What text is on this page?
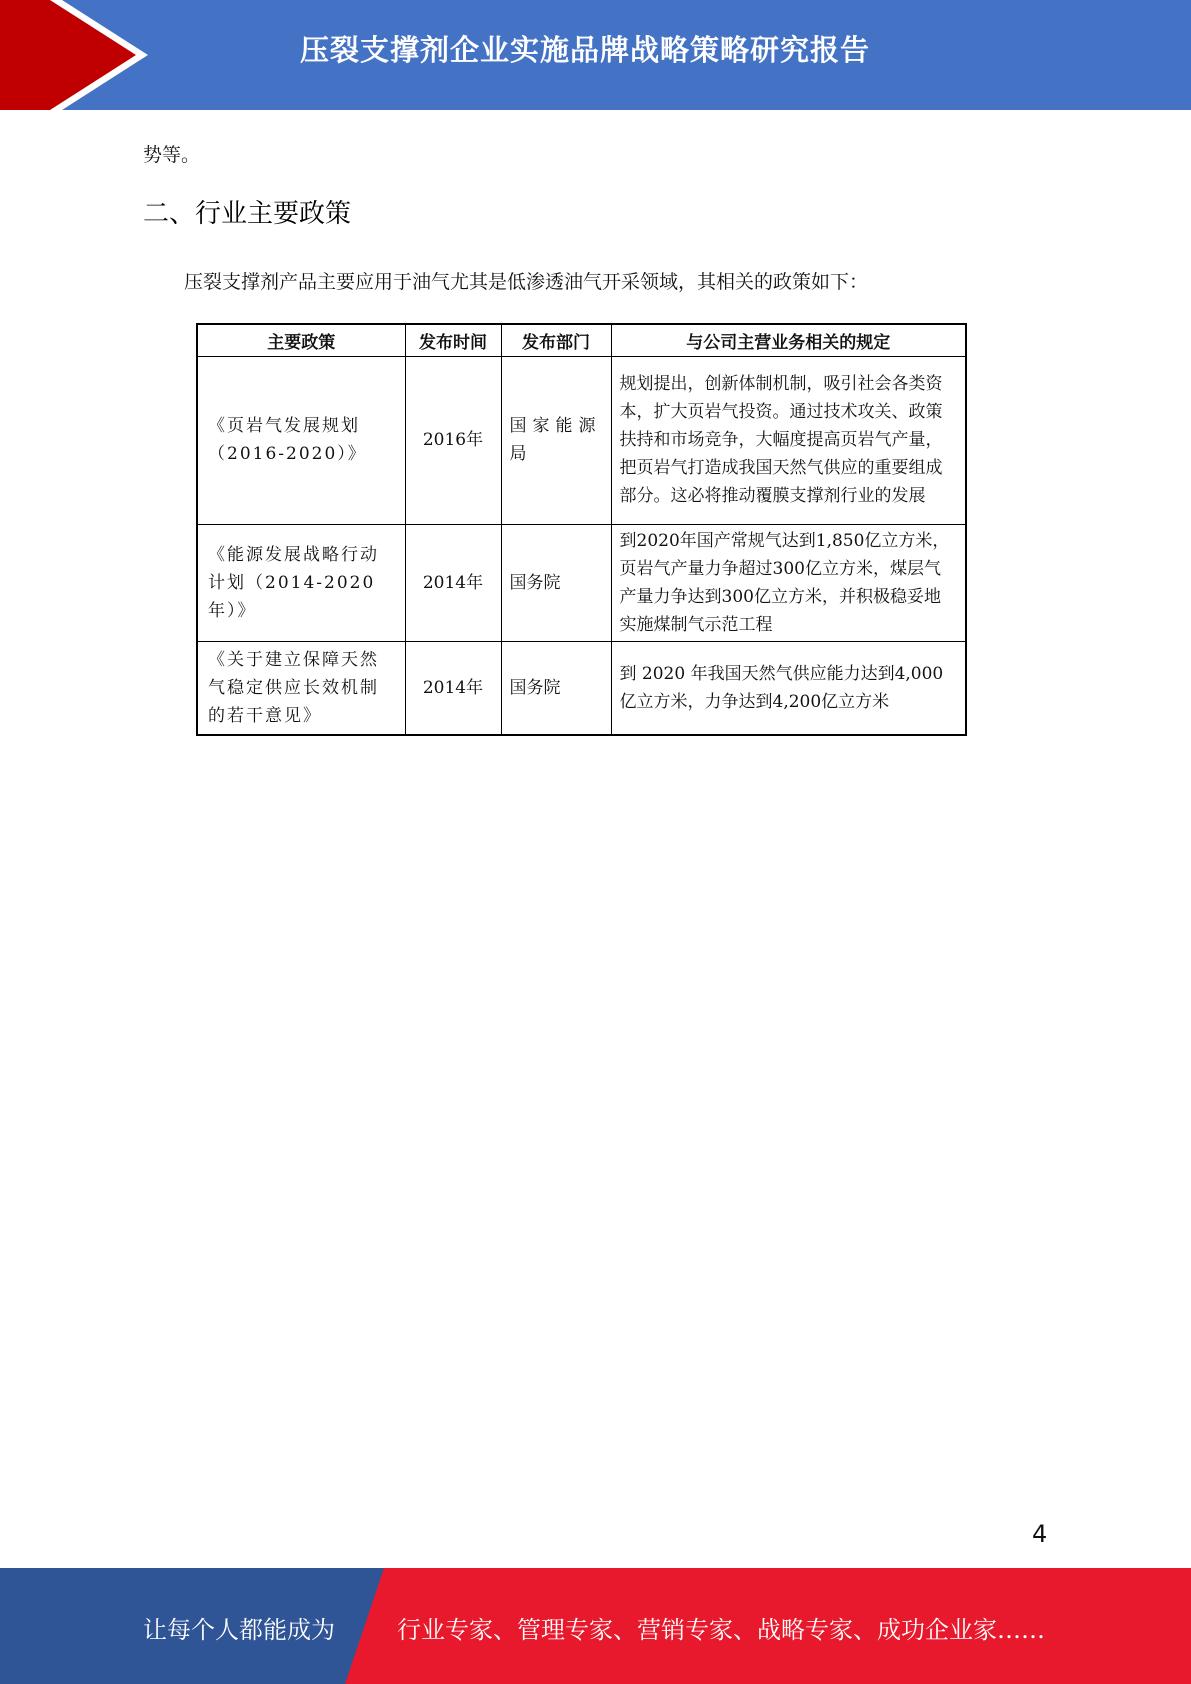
压裂支撑剂企业实施品牌战略策略研究报告
势等。
二、行业主要政策
压裂支撑剂产品主要应用于油气尤其是低渗透油气开采领域，其相关的政策如下：
主要政策	发布时间	发布部门	与公司主营业务相关的规定
《页岩气发展规划（2016-2020）》	2016年	国家能源局	规划提出，创新体制机制，吸引社会各类资本，扩大页岩气投资。通过技术攻关、政策扶持和市场竞争，大幅度提高页岩气产量，把页岩气打造成我国天然气供应的重要组成部分。这必将推动覆膜支撑剂行业的发展
《能源发展战略行动计划（2014-2020年）》	2014年	国务院	到2020年国产常规气达到1,850亿立方米，页岩气产量力争超过300亿立方米，煤层气产量力争达到300亿立方米，并积极稳妥地实施煤制气示范工程
《关于建立保障天然气稳定供应长效机制的若干意见》	2014年	国务院	到 2020 年我国天然气供应能力达到4,000亿立方米，力争达到4,200亿立方米
4
让每个人都能成为	行业专家、管理专家、营销专家、战略专家、成功企业家……
